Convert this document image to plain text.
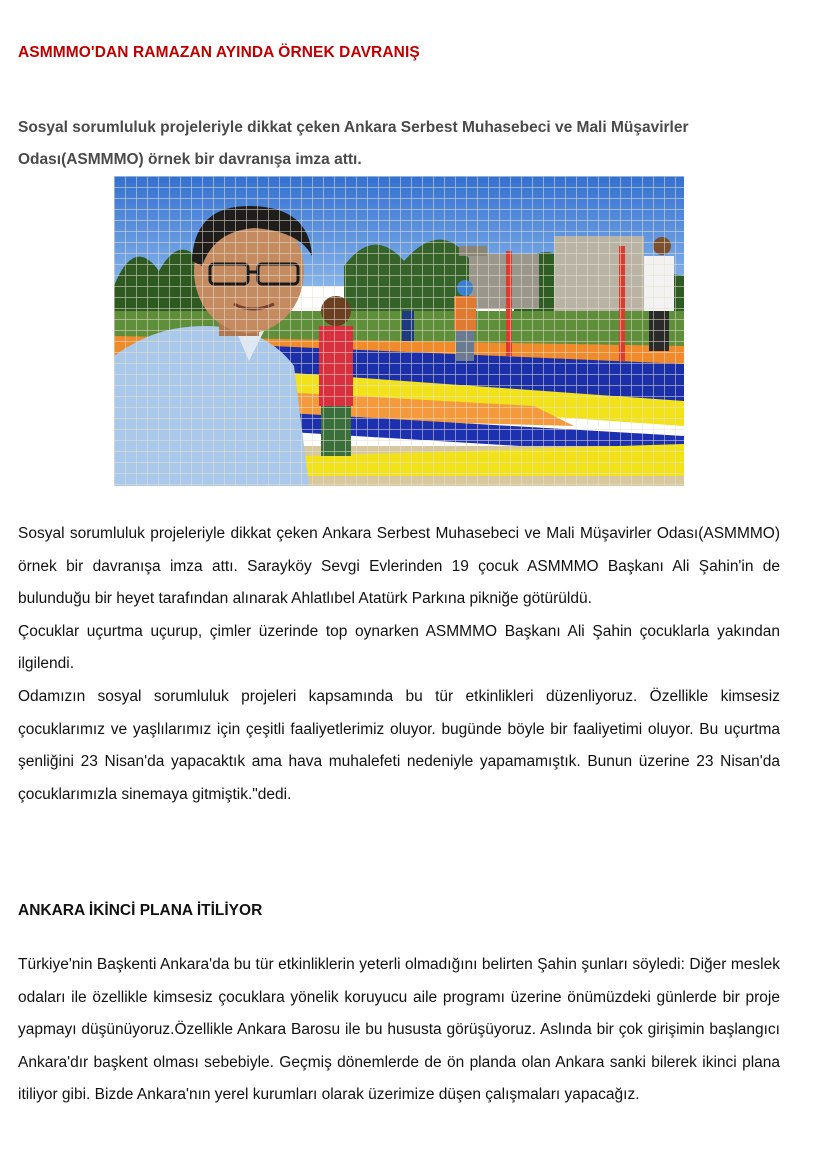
ASMMMO'DAN RAMAZAN AYINDA ÖRNEK DAVRANIŞ

Sosyal sorumluluk projeleriyle dikkat çeken Ankara Serbest Muhasebeci ve Mali Müşavirler Odası(ASMMMO) örnek bir davranışa imza attı.

Sosyal sorumluluk projeleriyle dikkat çeken Ankara Serbest Muhasebeci ve Mali Müşavirler Odası(ASMMMO) örnek bir davranışa imza attı. Sarayköy Sevgi Evlerinden 19 çocuk ASMMMO Başkanı Ali Şahin'in de bulunduğu bir heyet tarafından alınarak Ahlatlıbel Atatürk Parkına pikniğe götürüldü.

Çocuklar uçurtma uçurup, çimler üzerinde top oynarken ASMMMO Başkanı Ali Şahin çocuklarla yakından ilgilendi.

Odamızın sosyal sorumluluk projeleri kapsamında bu tür etkinlikleri düzenliyoruz. Özellikle kimsesiz çocuklarımız ve yaşlılarımız için çeşitli faaliyetlerimiz oluyor. bugünde böyle bir faaliyetimi oluyor. Bu uçurtma şenliğini 23 Nisan'da yapacaktık ama hava muhalefeti nedeniyle yapamamıştık. Bunun üzerine 23 Nisan'da çocuklarımızla sinemaya gitmiştik."dedi.

ANKARA İKİNCİ PLANA İTİLİYOR

Türkiye'nin Başkenti Ankara'da bu tür etkinliklerin yeterli olmadığını belirten Şahin şunları söyledi: Diğer meslek odaları ile özellikle kimsesiz çocuklara yönelik koruyucu aile programı üzerine önümüzdeki günlerde bir proje yapmayı düşünüyoruz.Özellikle Ankara Barosu ile bu hususta görüşüyoruz. Aslında bir çok girişimin başlangıcı Ankara'dır başkent olması sebebiyle. Geçmiş dönemlerde de ön planda olan Ankara sanki bilerek ikinci plana itiliyor gibi. Bizde Ankara'nın yerel kurumları olarak üzerimize düşen çalışmaları yapacağız.
